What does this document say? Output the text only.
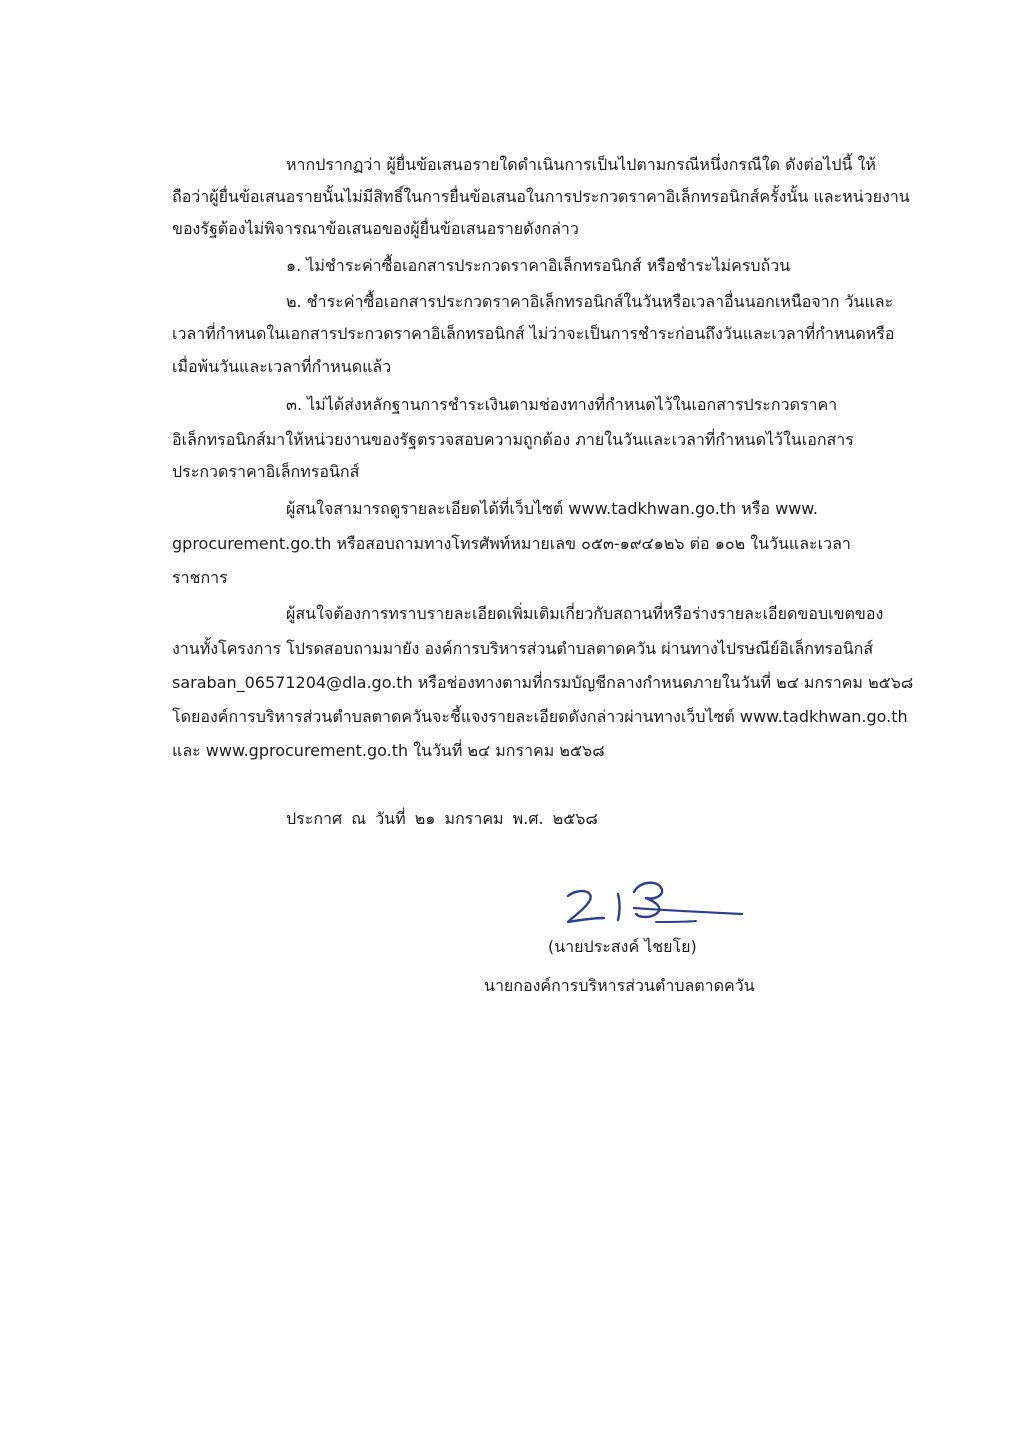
หากปรากฏว่า ผู้ยื่นข้อเสนอรายใดดำเนินการเป็นไปตามกรณีหนึ่งกรณีใด ดังต่อไปนี้ ให้
ถือว่าผู้ยื่นข้อเสนอรายนั้นไม่มีสิทธิ์ในการยื่นข้อเสนอในการประกวดราคาอิเล็กทรอนิกส์ครั้งนั้น และหน่วยงาน
ของรัฐต้องไม่พิจารณาข้อเสนอของผู้ยื่นข้อเสนอรายดังกล่าว
๑. ไม่ชำระค่าซื้อเอกสารประกวดราคาอิเล็กทรอนิกส์ หรือชำระไม่ครบถ้วน
๒. ชำระค่าซื้อเอกสารประกวดราคาอิเล็กทรอนิกส์ในวันหรือเวลาอื่นนอกเหนือจาก วันและ
เวลาที่กำหนดในเอกสารประกวดราคาอิเล็กทรอนิกส์ ไม่ว่าจะเป็นการชำระก่อนถึงวันและเวลาที่กำหนดหรือ
เมื่อพ้นวันและเวลาที่กำหนดแล้ว
๓. ไม่ได้ส่งหลักฐานการชำระเงินตามช่องทางที่กำหนดไว้ในเอกสารประกวดราคา
อิเล็กทรอนิกส์มาให้หน่วยงานของรัฐตรวจสอบความถูกต้อง ภายในวันและเวลาที่กำหนดไว้ในเอกสาร
ประกวดราคาอิเล็กทรอนิกส์
ผู้สนใจสามารถดูรายละเอียดได้ที่เว็บไซต์ www.tadkhwan.go.th หรือ www.
gprocurement.go.th หรือสอบถามทางโทรศัพท์หมายเลข ๐๕๓-๑๙๔๑๒๖ ต่อ ๑๐๒ ในวันและเวลา
ราชการ
ผู้สนใจต้องการทราบรายละเอียดเพิ่มเติมเกี่ยวกับสถานที่หรือร่างรายละเอียดขอบเขตของ
งานทั้งโครงการ โปรดสอบถามมายัง องค์การบริหารส่วนตำบลตาดควัน ผ่านทางไปรษณีย์อิเล็กทรอนิกส์
saraban_06571204@dla.go.th หรือช่องทางตามที่กรมบัญชีกลางกำหนดภายในวันที่ ๒๔ มกราคม ๒๕๖๘
โดยองค์การบริหารส่วนตำบลตาดควันจะชี้แจงรายละเอียดดังกล่าวผ่านทางเว็บไซต์ www.tadkhwan.go.th
และ www.gprocurement.go.th ในวันที่ ๒๔ มกราคม ๒๕๖๘
ประกาศ ณ วันที่ ๒๑ มกราคม พ.ศ. ๒๕๖๘
(นายประสงค์ ไชยโย)
นายกองค์การบริหารส่วนตำบลตาดควัน
